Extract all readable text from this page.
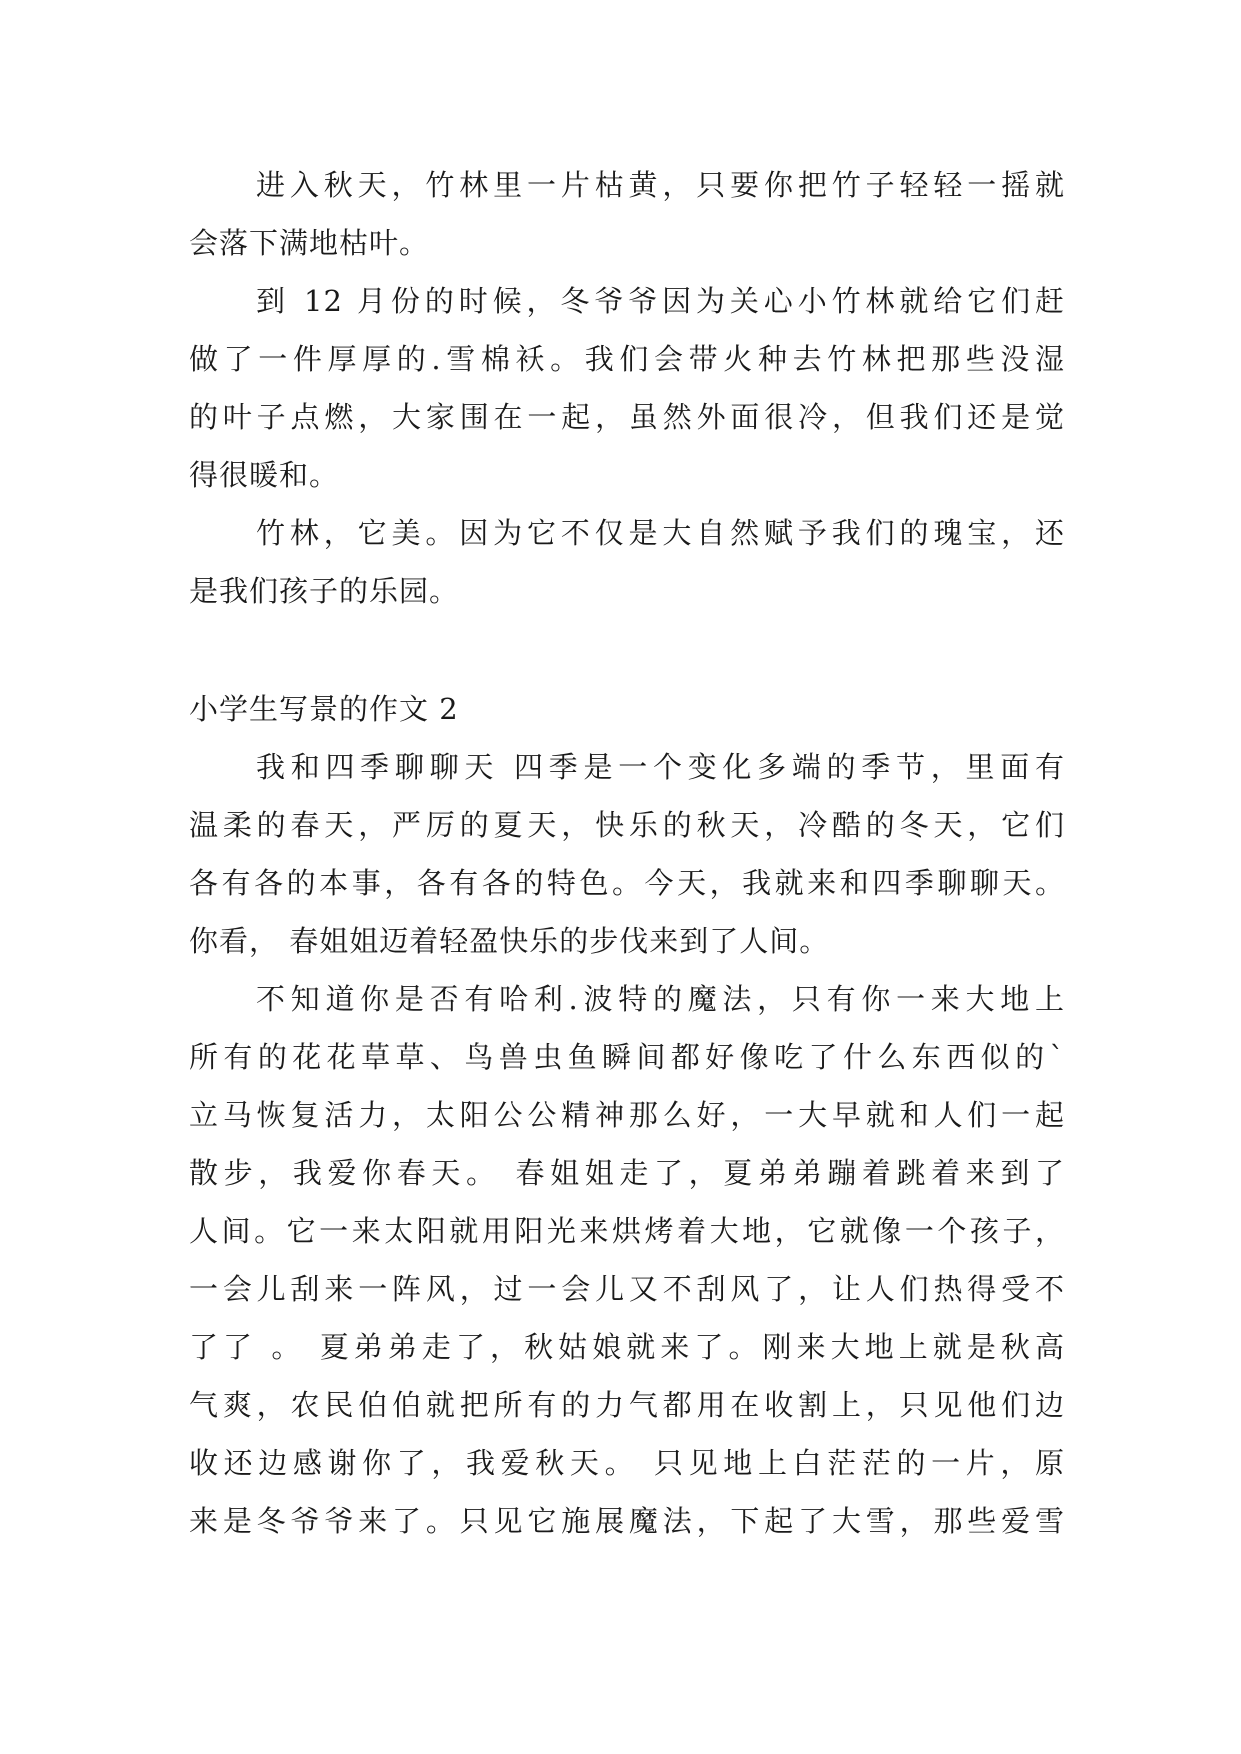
进入秋天，竹林里一片枯黄，只要你把竹子轻轻一摇就
会落下满地枯叶。
到 12 月份的时候，冬爷爷因为关心小竹林就给它们赶
做了一件厚厚的.雪棉袄。我们会带火种去竹林把那些没湿
的叶子点燃，大家围在一起，虽然外面很冷，但我们还是觉
得很暖和。
竹林，它美。因为它不仅是大自然赋予我们的瑰宝，还
是我们孩子的乐园。
小学生写景的作文 2
我和四季聊聊天 四季是一个变化多端的季节，里面有
温柔的春天，严厉的夏天，快乐的秋天，冷酷的冬天，它们
各有各的本事，各有各的特色。今天，我就来和四季聊聊天。
你看， 春姐姐迈着轻盈快乐的步伐来到了人间。
不知道你是否有哈利.波特的魔法，只有你一来大地上
所有的花花草草、鸟兽虫鱼瞬间都好像吃了什么东西似的`
立马恢复活力，太阳公公精神那么好，一大早就和人们一起
散步，我爱你春天。 春姐姐走了，夏弟弟蹦着跳着来到了
人间。它一来太阳就用阳光来烘烤着大地，它就像一个孩子，
一会儿刮来一阵风，过一会儿又不刮风了，让人们热得受不
了了 。 夏弟弟走了，秋姑娘就来了。刚来大地上就是秋高
气爽，农民伯伯就把所有的力气都用在收割上，只见他们边
收还边感谢你了，我爱秋天。 只见地上白茫茫的一片，原
来是冬爷爷来了。只见它施展魔法，下起了大雪，那些爱雪
